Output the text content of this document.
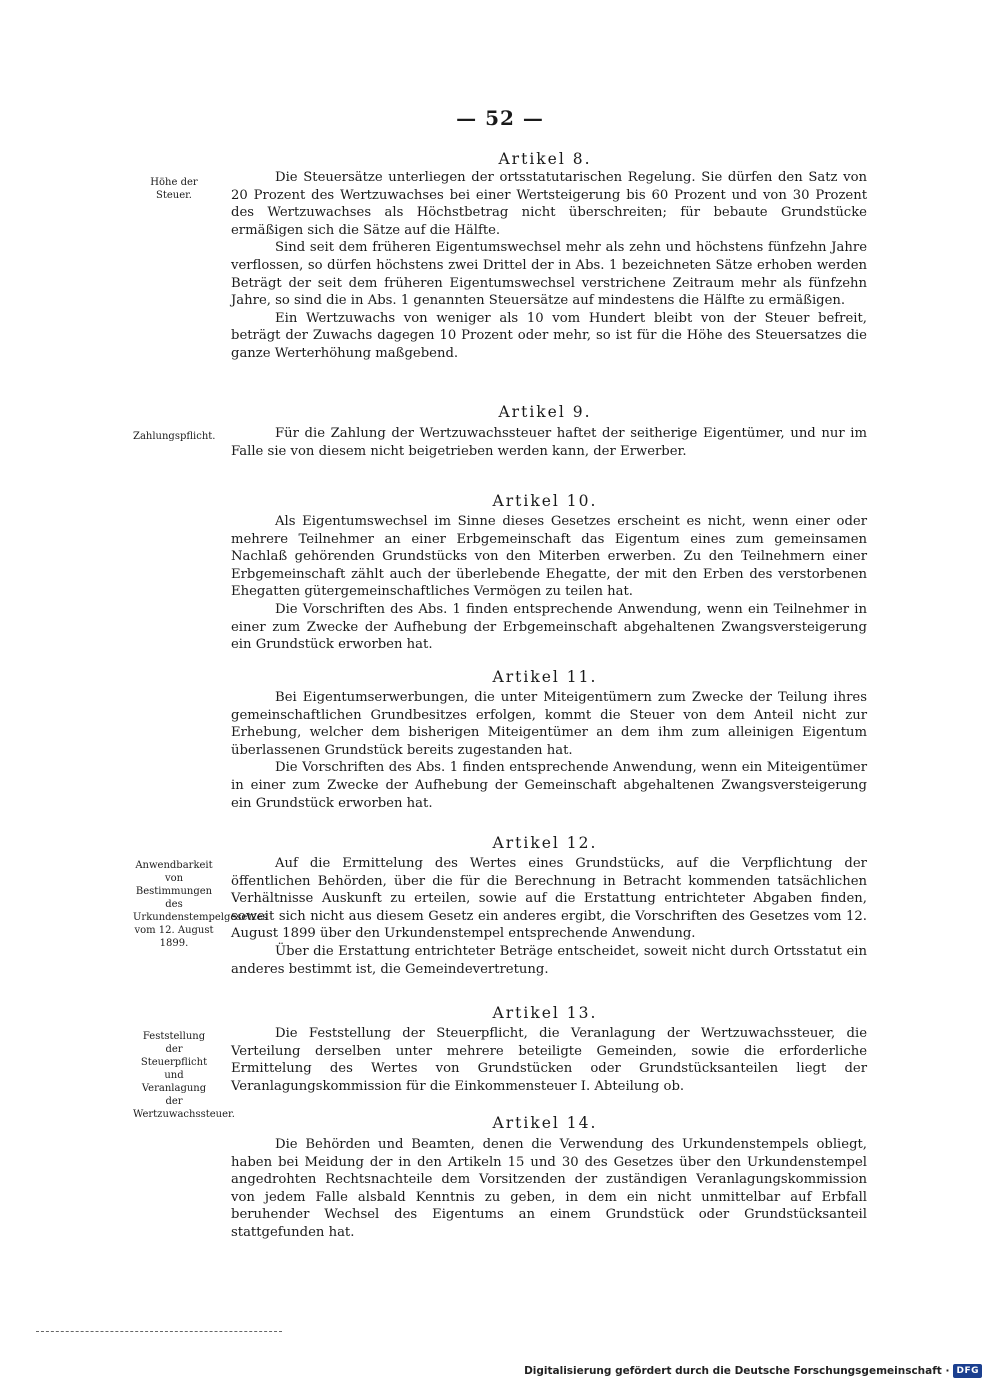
— 52 —
Artikel 8.
Höhe der Steuer.

Die Steuersätze unterliegen der ortsstatutarischen Regelung. Sie dürfen den Satz von 20 Prozent des Wertzuwachses bei einer Wertsteigerung bis 60 Prozent und von 30 Prozent des Wertzuwachses als Höchstbetrag nicht überschreiten; für bebaute Grundstücke ermäßigen sich die Sätze auf die Hälfte.

Sind seit dem früheren Eigentumswechsel mehr als zehn und höchstens fünfzehn Jahre verflossen, so dürfen höchstens zwei Drittel der in Abs. 1 bezeichneten Sätze erhoben werden Beträgt der seit dem früheren Eigentumswechsel verstrichene Zeitraum mehr als fünfzehn Jahre, so sind die in Abs. 1 genannten Steuersätze auf mindestens die Hälfte zu ermäßigen.

Ein Wertzuwachs von weniger als 10 vom Hundert bleibt von der Steuer befreit, beträgt der Zuwachs dagegen 10 Prozent oder mehr, so ist für die Höhe des Steuersatzes die ganze Werterhöhung maßgebend.

Artikel 9.
Zahlungspflicht.	Für die Zahlung der Wertzuwachssteuer haftet der seitherige Eigentümer, und nur im Falle sie von diesem nicht beigetrieben werden kann, der Erwerber.

Artikel 10.

Als Eigentumswechsel im Sinne dieses Gesetzes erscheint es nicht, wenn einer oder mehrere Teilnehmer an einer Erbgemeinschaft das Eigentum eines zum gemeinsamen Nachlaß gehörenden Grundstücks von den Miterben erwerben. Zu den Teilnehmern einer Erbgemeinschaft zählt auch der überlebende Ehegatte, der mit den Erben des verstorbenen Ehegatten gütergemeinschaftliches Vermögen zu teilen hat.

Die Vorschriften des Abs. 1 finden entsprechende Anwendung, wenn ein Teilnehmer in einer zum Zwecke der Aufhebung der Erbgemeinschaft abgehaltenen Zwangsversteigerung ein Grundstück erworben hat.

Artikel 11.

Bei Eigentumserwerbungen, die unter Miteigentümern zum Zwecke der Teilung ihres gemeinschaftlichen Grundbesitzes erfolgen, kommt die Steuer von dem Anteil nicht zur Erhebung, welcher dem bisherigen Miteigentümer an dem ihm zum alleinigen Eigentum überlassenen Grundstück bereits zugestanden hat.

Die Vorschriften des Abs. 1 finden entsprechende Anwendung, wenn ein Miteigentümer in einer zum Zwecke der Aufhebung der Gemeinschaft abgehaltenen Zwangsversteigerung ein Grundstück erworben hat.

Artikel 12.
Anwendbarkeit von Bestimmungen des Urkundenstempelgesetzes vom 12. August 1899.

Auf die Ermittelung des Wertes eines Grundstücks, auf die Verpflichtung der öffentlichen Behörden, über die für die Berechnung in Betracht kommenden tatsächlichen Verhältnisse Auskunft zu erteilen, sowie auf die Erstattung entrichteter Abgaben finden, soweit sich nicht aus diesem Gesetz ein anderes ergibt, die Vorschriften des Gesetzes vom 12. August 1899 über den Urkundenstempel entsprechende Anwendung.

Über die Erstattung entrichteter Beträge entscheidet, soweit nicht durch Ortsstatut ein anderes bestimmt ist, die Gemeindevertretung.

Artikel 13.
Feststellung der Steuerpflicht und Veranlagung der Wertzuwachssteuer.

Die Feststellung der Steuerpflicht, die Veranlagung der Wertzuwachssteuer, die Verteilung derselben unter mehrere beteiligte Gemeinden, sowie die erforderliche Ermittelung des Wertes von Grundstücken oder Grundstücksanteilen liegt der Veranlagungskommission für die Einkommensteuer I. Abteilung ob.

Artikel 14.

Die Behörden und Beamten, denen die Verwendung des Urkundenstempels obliegt, haben bei Meidung der in den Artikeln 15 und 30 des Gesetzes über den Urkundenstempel angedrohten Rechtsnachteile dem Vorsitzenden der zuständigen Veranlagungskommission von jedem Falle alsbald Kenntnis zu geben, in dem ein nicht unmittelbar auf Erbfall beruhender Wechsel des Eigentums an einem Grundstück oder Grundstücksanteil stattgefunden hat.

Digitalisierung gefördert durch die Deutsche Forschungsgemeinschaft · DFG
